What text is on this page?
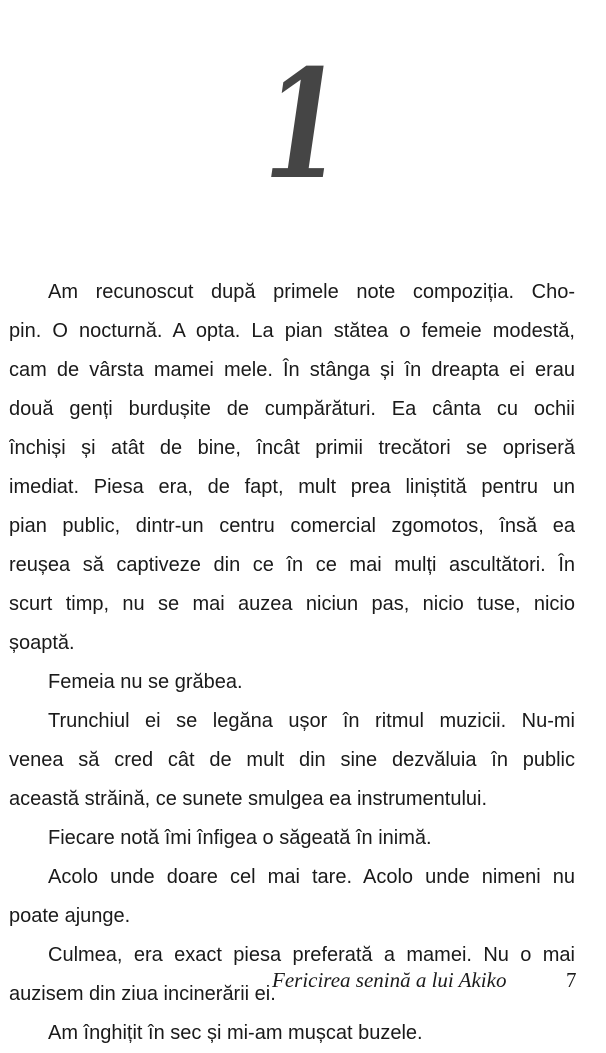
1
Am recunoscut după primele note compoziția. Cho-
pin. O nocturnă. A opta. La pian stătea o femeie modestă,
cam de vârsta mamei mele. În stânga și în dreapta ei erau
două genți burdușite de cumpărături. Ea cânta cu ochii
închiși și atât de bine, încât primii trecători se opriseră
imediat. Piesa era, de fapt, mult prea liniștită pentru un
pian public, dintr-un centru comercial zgomotos, însă ea
reușea să captiveze din ce în ce mai mulți ascultători. În
scurt timp, nu se mai auzea niciun pas, nicio tuse, nicio
șoaptă.
Femeia nu se grăbea.
Trunchiul ei se legăna ușor în ritmul muzicii. Nu-mi
venea să cred cât de mult din sine dezvăluia în public
această străină, ce sunete smulgea ea instrumentului.
Fiecare notă îmi înfigea o săgeată în inimă.
Acolo unde doare cel mai tare. Acolo unde nimeni nu
poate ajunge.
Culmea, era exact piesa preferată a mamei. Nu o mai
auzisem din ziua incinerării ei.
Am înghițit în sec și mi-am mușcat buzele.
Fericirea senină a lui Akiko	7
